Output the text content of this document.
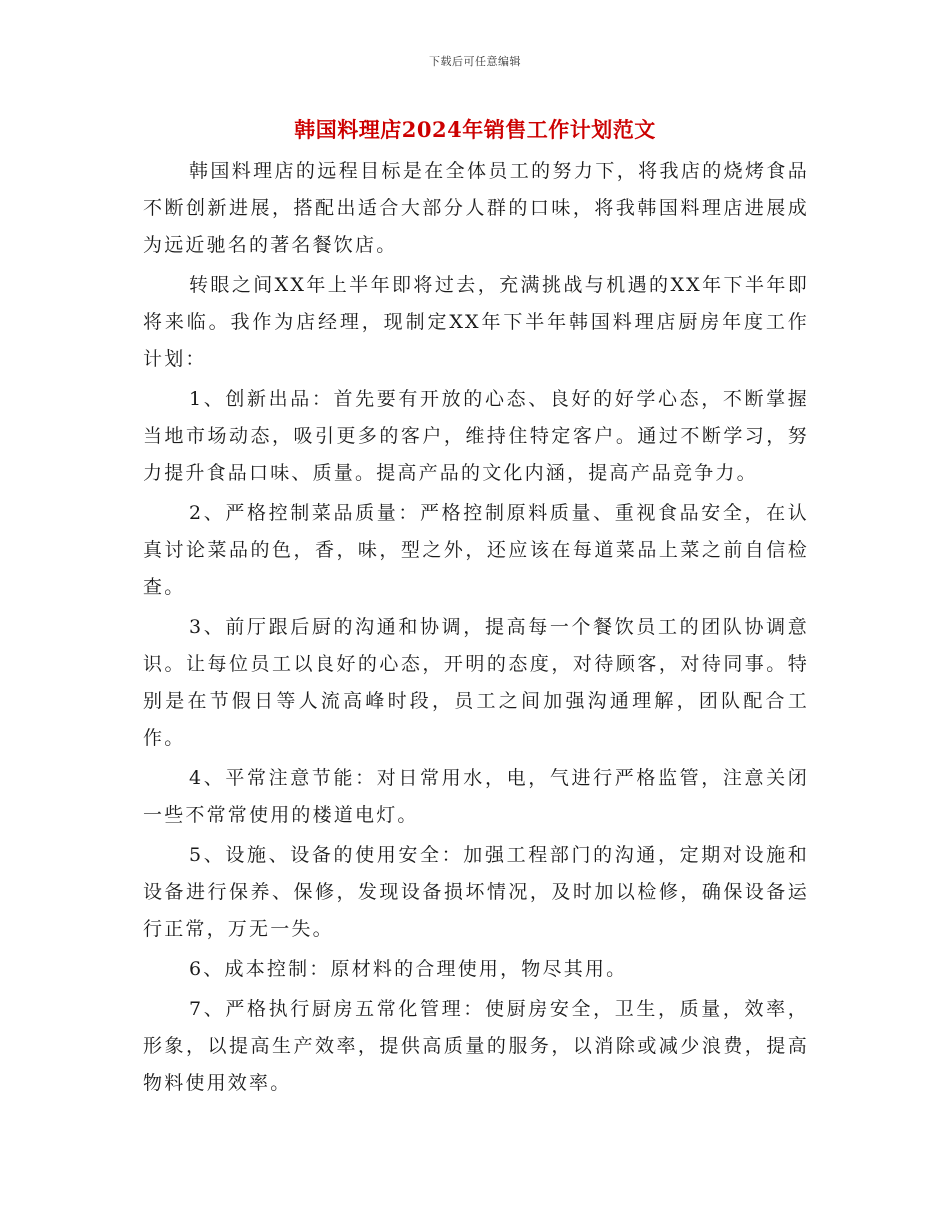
下载后可任意编辑
韩国料理店2024年销售工作计划范文

韩国料理店的远程目标是在全体员工的努力下，将我店的烧烤食品不断创新进展，搭配出适合大部分人群的口味，将我韩国料理店进展成为远近驰名的著名餐饮店。

转眼之间XX年上半年即将过去，充满挑战与机遇的XX年下半年即将来临。我作为店经理，现制定XX年下半年韩国料理店厨房年度工作计划：

1、创新出品：首先要有开放的心态、良好的好学心态，不断掌握当地市场动态，吸引更多的客户，维持住特定客户。通过不断学习，努力提升食品口味、质量。提高产品的文化内涵，提高产品竞争力。

2、严格控制菜品质量：严格控制原料质量、重视食品安全，在认真讨论菜品的色，香，味，型之外，还应该在每道菜品上菜之前自信检查。

3、前厅跟后厨的沟通和协调，提高每一个餐饮员工的团队协调意识。让每位员工以良好的心态，开明的态度，对待顾客，对待同事。特别是在节假日等人流高峰时段，员工之间加强沟通理解，团队配合工作。

4、平常注意节能：对日常用水，电，气进行严格监管，注意关闭一些不常常使用的楼道电灯。

5、设施、设备的使用安全：加强工程部门的沟通，定期对设施和设备进行保养、保修，发现设备损坏情况，及时加以检修，确保设备运行正常，万无一失。

6、成本控制：原材料的合理使用，物尽其用。

7、严格执行厨房五常化管理：使厨房安全，卫生，质量，效率，形象，以提高生产效率，提供高质量的服务，以消除或减少浪费，提高物料使用效率。
